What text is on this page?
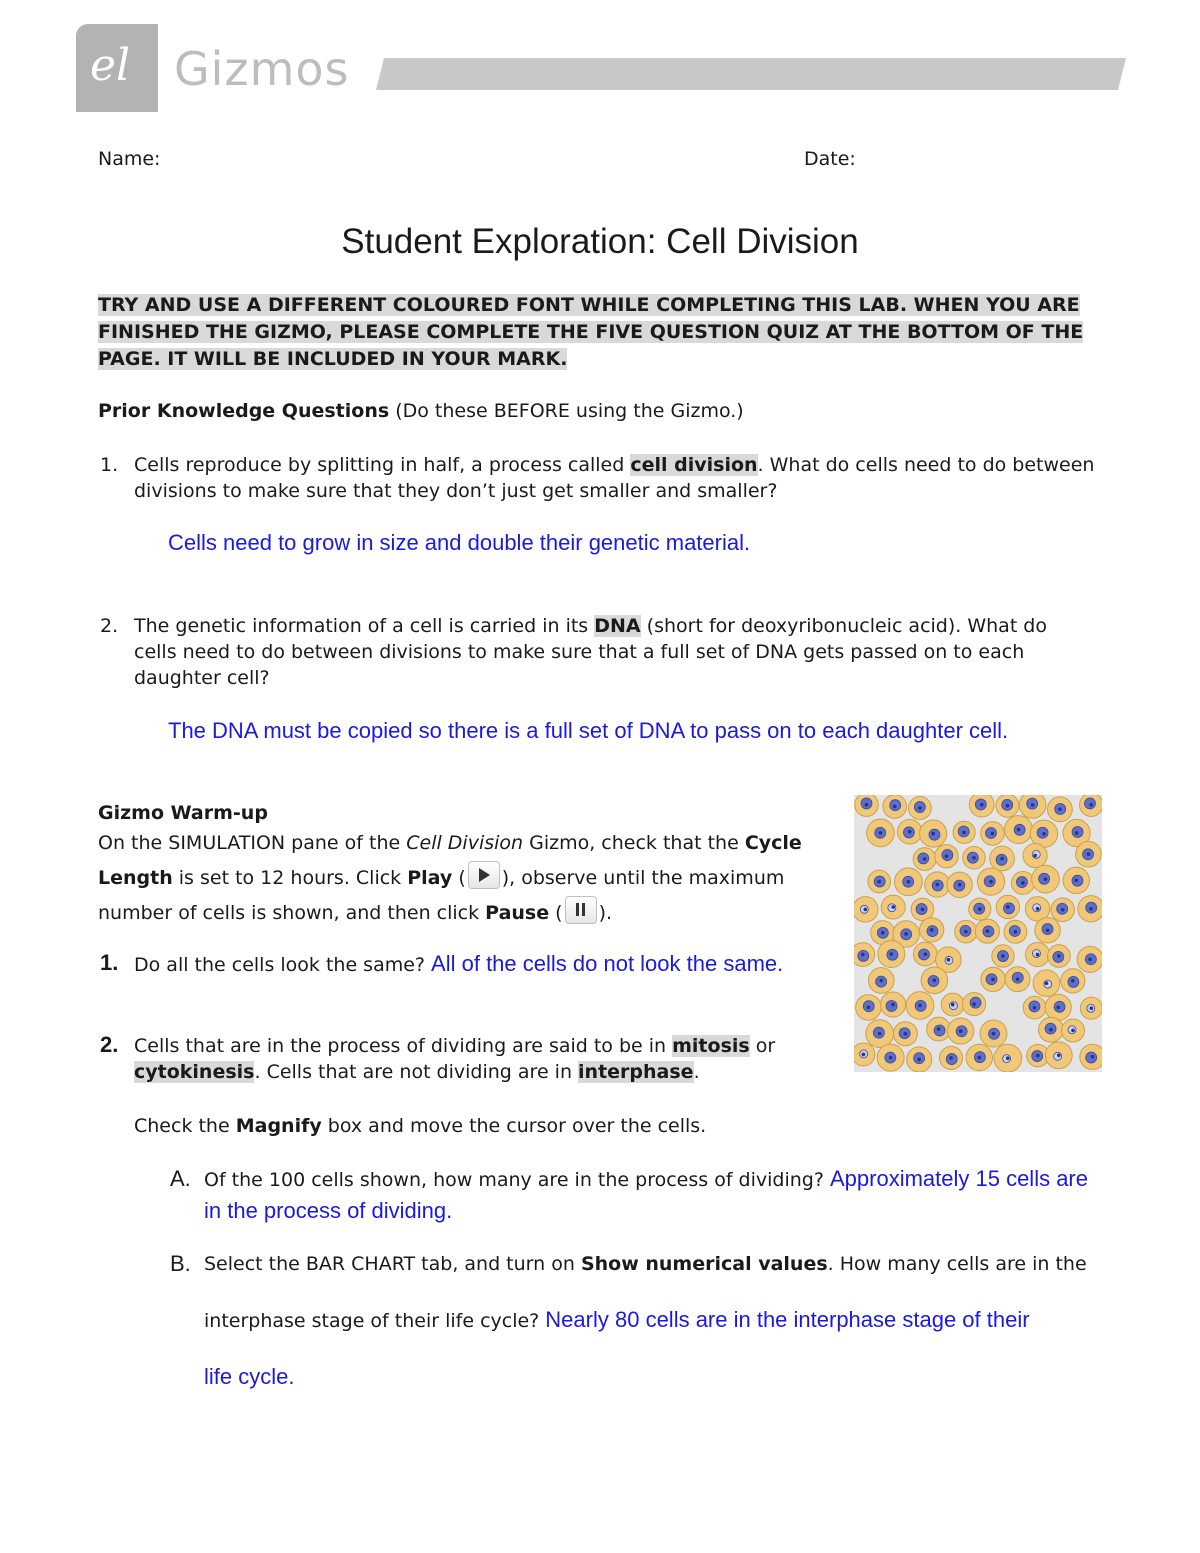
el Gizmos
Name:	Date:
Student Exploration: Cell Division
TRY AND USE A DIFFERENT COLOURED FONT WHILE COMPLETING THIS LAB. WHEN YOU ARE
FINISHED THE GIZMO, PLEASE COMPLETE THE FIVE QUESTION QUIZ AT THE BOTTOM OF THE
PAGE. IT WILL BE INCLUDED IN YOUR MARK.
Prior Knowledge Questions (Do these BEFORE using the Gizmo.)
1. Cells reproduce by splitting in half, a process called cell division. What do cells need to do between
divisions to make sure that they don’t just get smaller and smaller?
Cells need to grow in size and double their genetic material.
2. The genetic information of a cell is carried in its DNA (short for deoxyribonucleic acid). What do
cells need to do between divisions to make sure that a full set of DNA gets passed on to each
daughter cell?
The DNA must be copied so there is a full set of DNA to pass on to each daughter cell.
Gizmo Warm-up
On the SIMULATION pane of the Cell Division Gizmo, check that the Cycle
Length is set to 12 hours. Click Play ( ), observe until the maximum
number of cells is shown, and then click Pause ( ).
1. Do all the cells look the same? All of the cells do not look the same.
2. Cells that are in the process of dividing are said to be in mitosis or
cytokinesis. Cells that are not dividing are in interphase.
Check the Magnify box and move the cursor over the cells.
A. Of the 100 cells shown, how many are in the process of dividing? Approximately 15 cells are
in the process of dividing.
B. Select the BAR CHART tab, and turn on Show numerical values. How many cells are in the
interphase stage of their life cycle? Nearly 80 cells are in the interphase stage of their
life cycle.
